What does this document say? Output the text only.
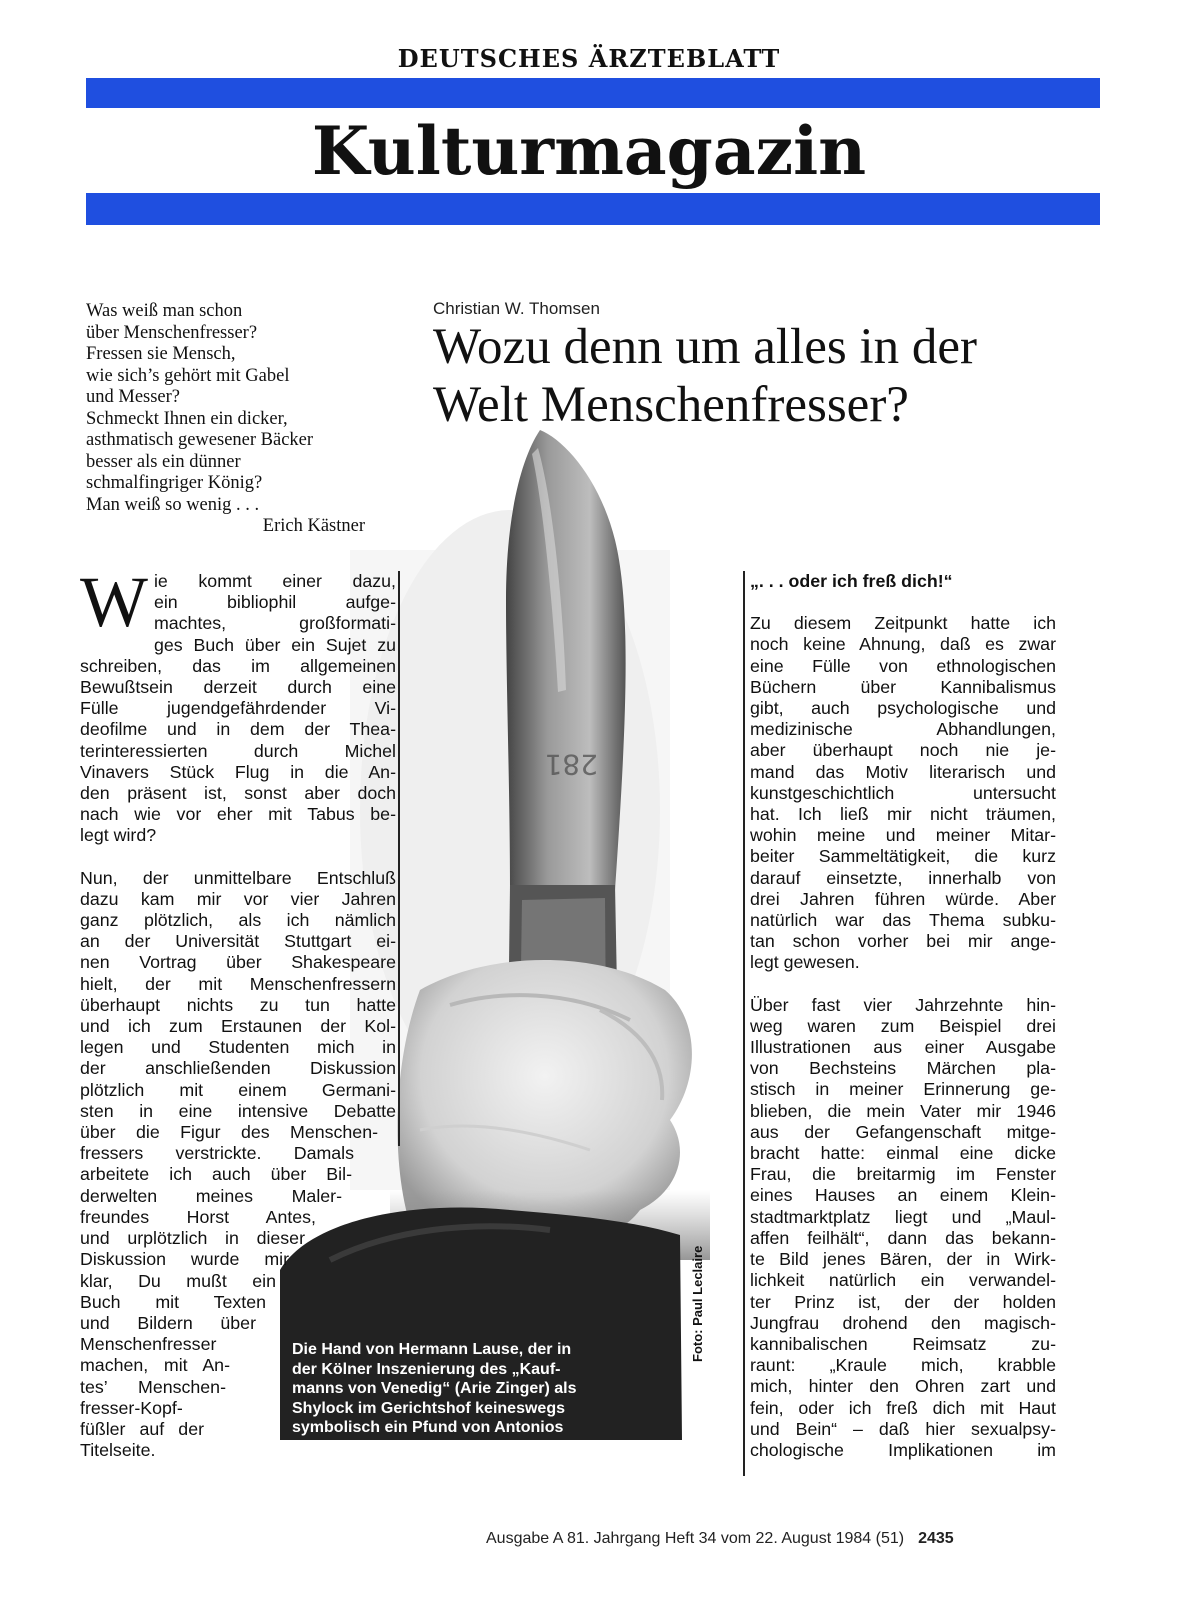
DEUTSCHES ÄRZTEBLATT
Kulturmagazin
Was weiß man schon
über Menschenfresser?
Fressen sie Mensch,
wie sich’s gehört mit Gabel
und Messer?
Schmeckt Ihnen ein dicker,
asthmatisch gewesener Bäcker
besser als ein dünner
schmalfingriger König?
Man weiß so wenig . . .
Erich Kästner
Christian W. Thomsen
Wozu denn um alles in der
Welt Menschenfresser?
281
Die Hand von Hermann Lause, der in
der Kölner Inszenierung des „Kauf-
manns von Venedig“ (Arie Zinger) als
Shylock im Gerichtshof keineswegs
symbolisch ein Pfund von Antonios
Fleisch fordert
Foto: Paul Leclaire
W ie kommt einer dazu,
ein bibliophil aufge-
machtes, großformati-
ges Buch über ein Sujet zu
schreiben, das im allgemeinen
Bewußtsein derzeit durch eine
Fülle jugendgefährdender Vi-
deofilme und in dem der Thea-
terinteressierten durch Michel
Vinavers Stück Flug in die An-
den präsent ist, sonst aber doch
nach wie vor eher mit Tabus be-
legt wird?
Nun, der unmittelbare Entschluß
dazu kam mir vor vier Jahren
ganz plötzlich, als ich nämlich
an der Universität Stuttgart ei-
nen Vortrag über Shakespeare
hielt, der mit Menschenfressern
überhaupt nichts zu tun hatte
und ich zum Erstaunen der Kol-
legen und Studenten mich in
der anschließenden Diskussion
plötzlich mit einem Germani-
sten in eine intensive Debatte
über die Figur des Menschen-
fressers verstrickte. Damals
arbeitete ich auch über Bil-
derwelten meines Maler-
freundes Horst Antes,
und urplötzlich in dieser
Diskussion wurde mir
klar, Du mußt ein
Buch mit Texten
und Bildern über
Menschenfresser
machen, mit An-
tes’ Menschen-
fresser-Kopf-
füßler auf der
Titelseite.
„. . . oder ich freß dich!“
Zu diesem Zeitpunkt hatte ich
noch keine Ahnung, daß es zwar
eine Fülle von ethnologischen
Büchern über Kannibalismus
gibt, auch psychologische und
medizinische Abhandlungen,
aber überhaupt noch nie je-
mand das Motiv literarisch und
kunstgeschichtlich untersucht
hat. Ich ließ mir nicht träumen,
wohin meine und meiner Mitar-
beiter Sammeltätigkeit, die kurz
darauf einsetzte, innerhalb von
drei Jahren führen würde. Aber
natürlich war das Thema subku-
tan schon vorher bei mir ange-
legt gewesen.
Über fast vier Jahrzehnte hin-
weg waren zum Beispiel drei
Illustrationen aus einer Ausgabe
von Bechsteins Märchen pla-
stisch in meiner Erinnerung ge-
blieben, die mein Vater mir 1946
aus der Gefangenschaft mitge-
bracht hatte: einmal eine dicke
Frau, die breitarmig im Fenster
eines Hauses an einem Klein-
stadtmarktplatz liegt und „Maul-
affen feilhält“, dann das bekann-
te Bild jenes Bären, der in Wirk-
lichkeit natürlich ein verwandel-
ter Prinz ist, der der holden
Jungfrau drohend den magisch-
kannibalischen Reimsatz zu-
raunt: „Kraule mich, krabble
mich, hinter den Ohren zart und
fein, oder ich freß dich mit Haut
und Bein“ – daß hier sexualpsy-
chologische Implikationen im
Ausgabe A 81. Jahrgang Heft 34 vom 22. August 1984 (51) 2435
